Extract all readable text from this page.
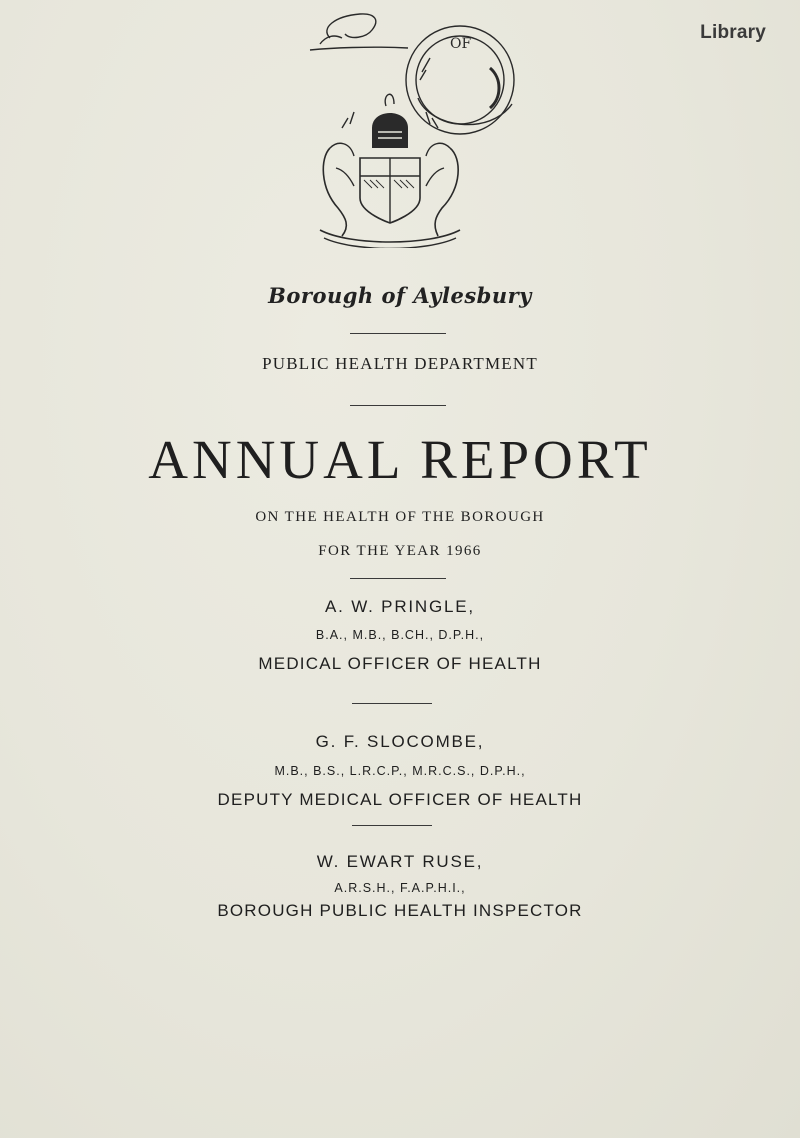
Library
OF
Borough of Aylesbury
PUBLIC HEALTH DEPARTMENT
ANNUAL REPORT
ON THE HEALTH OF THE BOROUGH
FOR THE YEAR 1966
A. W. PRINGLE,
B.A., M.B., B.CH., D.P.H.,
MEDICAL OFFICER OF HEALTH
G. F. SLOCOMBE,
M.B., B.S., L.R.C.P., M.R.C.S., D.P.H.,
DEPUTY MEDICAL OFFICER OF HEALTH
W. EWART RUSE,
A.R.S.H., F.A.P.H.I.,
BOROUGH PUBLIC HEALTH INSPECTOR
